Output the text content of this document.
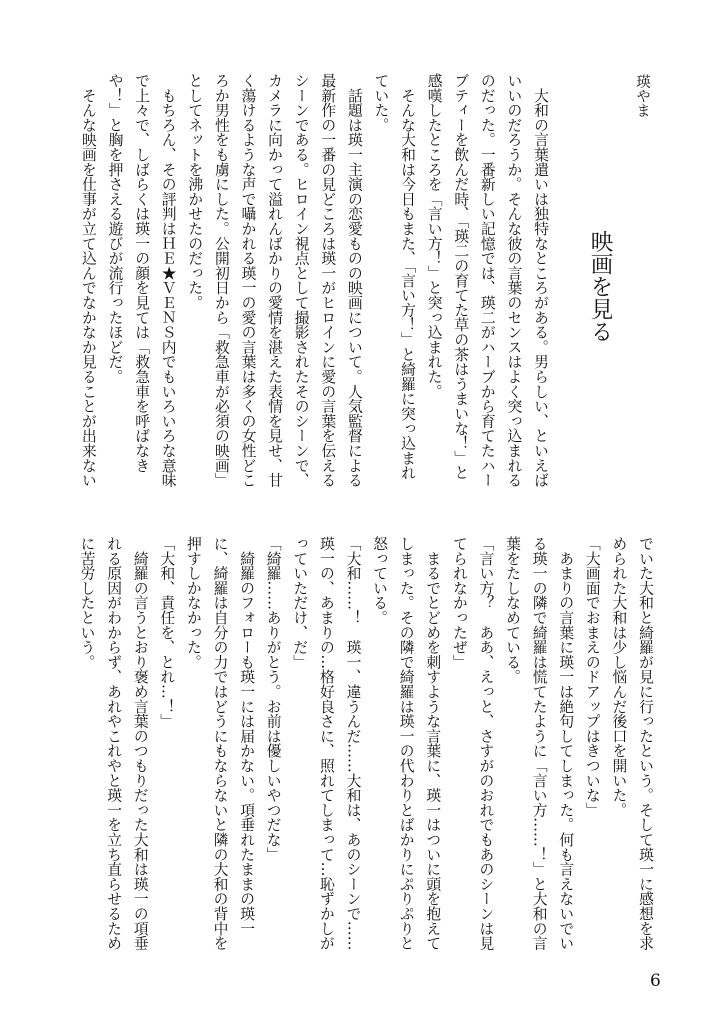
瑛やま
映画を見る
　大和の言葉遣いは独特なところがある。男らしい、といえば
いいのだろうか。そんな彼の言葉のセンスはよく突っ込まれる
のだった。一番新しい記憶では、瑛二がハーブから育てたハー
ブティーを飲んだ時、「瑛二の育てた草の茶はうまいな！」と
感嘆したところを「言い方！」と突っ込まれた。
　そんな大和は今日もまた、「言い方！」と綺羅に突っ込まれ
ていた。
　話題は瑛一主演の恋愛ものの映画について。人気監督による
最新作の一番の見どころは瑛一がヒロインに愛の言葉を伝える
シーンである。ヒロイン視点として撮影されたそのシーンで、
カメラに向かって溢れんばかりの愛情を湛えた表情を見せ、甘
く蕩けるような声で囁かれる瑛一の愛の言葉は多くの女性どこ
ろか男性をも虜にした。公開初日から「救急車が必須の映画」
としてネットを沸かせたのだった。
　もちろん、その評判はＨＥ★ＶＥＮＳ内でもいろいろな意味
で上々で、しばらくは瑛一の顔を見ては「救急車を呼ばなき
や！」と胸を押さえる遊びが流行ったほどだ。
　そんな映画を仕事が立て込んでなかなか見ることが出来ない
でいた大和と綺羅が見に行ったという。そして瑛一に感想を求
められた大和は少し悩んだ後口を開いた。
「大画面でおまえのドアップはきついな」
　あまりの言葉に瑛一は絶句してしまった。何も言えないでい
る瑛一の隣で綺羅は慌てたように「言い方……！」と大和の言
葉をたしなめている。
「言い方？　ああ、えっと、さすがのおれでもあのシーンは見
てられなかったぜ」
　まるでとどめを刺すような言葉に、瑛一はついに頭を抱えて
しまった。その隣で綺羅は瑛一の代わりとばかりにぷりぷりと
怒っている。
「大和……！　瑛一、違うんだ……大和は、あのシーンで……
瑛一の、あまりの…格好良さに、照れてしまって…恥ずかしが
っていただけ、だ」
「綺羅……ありがとう。お前は優しいやつだな」
　綺羅のフォローも瑛一には届かない。項垂れたままの瑛一
に、綺羅は自分の力ではどうにもならないと隣の大和の背中を
押すしかなかった。
「大和、責任を、とれ…！」
　綺羅の言うとおり褒め言葉のつもりだった大和は瑛一の項垂
れる原因がわからず、あれやこれやと瑛一を立ち直らせるため
に苦労したという。
6
